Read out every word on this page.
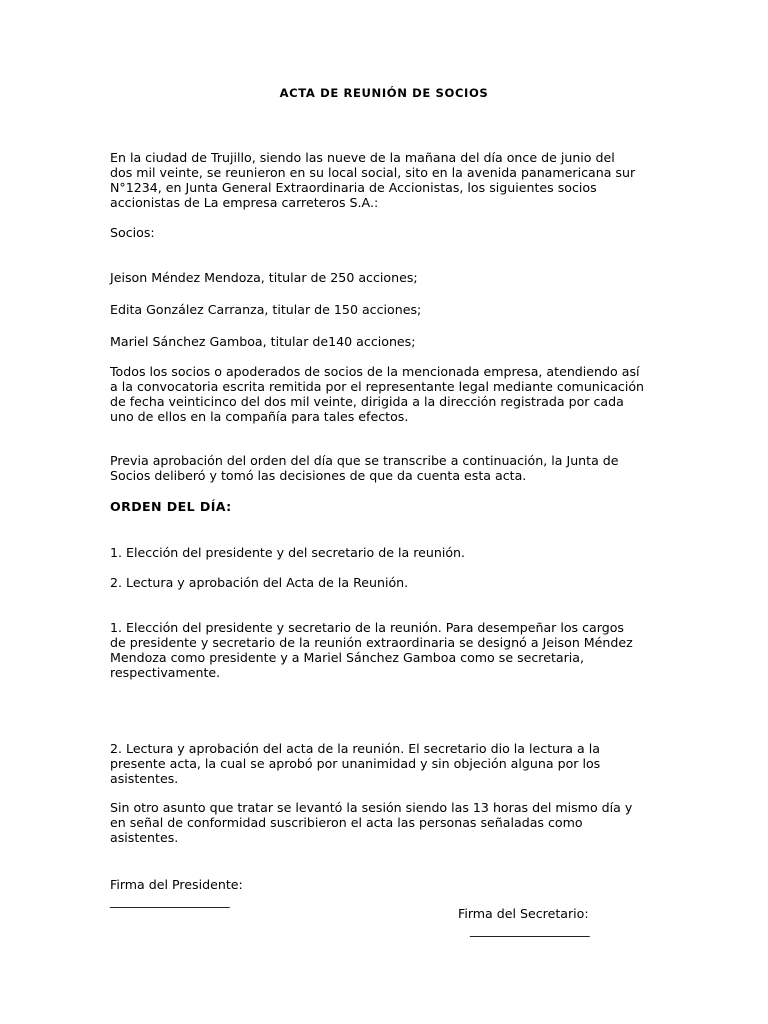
ACTA DE REUNIÓN DE SOCIOS

En la ciudad de Trujillo, siendo las nueve de la mañana del día once de junio del
dos mil veinte, se reunieron en su local social, sito en la avenida panamericana sur
N°1234, en Junta General Extraordinaria de Accionistas, los siguientes socios
accionistas de La empresa carreteros S.A.:

Socios:

Jeison Méndez Mendoza, titular de 250 acciones;

Edita González Carranza, titular de 150 acciones;

Mariel Sánchez Gamboa, titular de140 acciones;

Todos los socios o apoderados de socios de la mencionada empresa, atendiendo así
a la convocatoria escrita remitida por el representante legal mediante comunicación
de fecha veinticinco del dos mil veinte, dirigida a la dirección registrada por cada
uno de ellos en la compañía para tales efectos.

Previa aprobación del orden del día que se transcribe a continuación, la Junta de
Socios deliberó y tomó las decisiones de que da cuenta esta acta.

ORDEN DEL DÍA:

1. Elección del presidente y del secretario de la reunión.

2. Lectura y aprobación del Acta de la Reunión.

1. Elección del presidente y secretario de la reunión. Para desempeñar los cargos
de presidente y secretario de la reunión extraordinaria se designó a Jeison Méndez
Mendoza como presidente y a Mariel Sánchez Gamboa como se secretaria,
respectivamente.

2. Lectura y aprobación del acta de la reunión. El secretario dio la lectura a la
presente acta, la cual se aprobó por unanimidad y sin objeción alguna por los
asistentes.

Sin otro asunto que tratar se levantó la sesión siendo las 13 horas del mismo día y
en señal de conformidad suscribieron el acta las personas señaladas como
asistentes.

Firma del Presidente:

___________________

Firma del Secretario:

___________________
